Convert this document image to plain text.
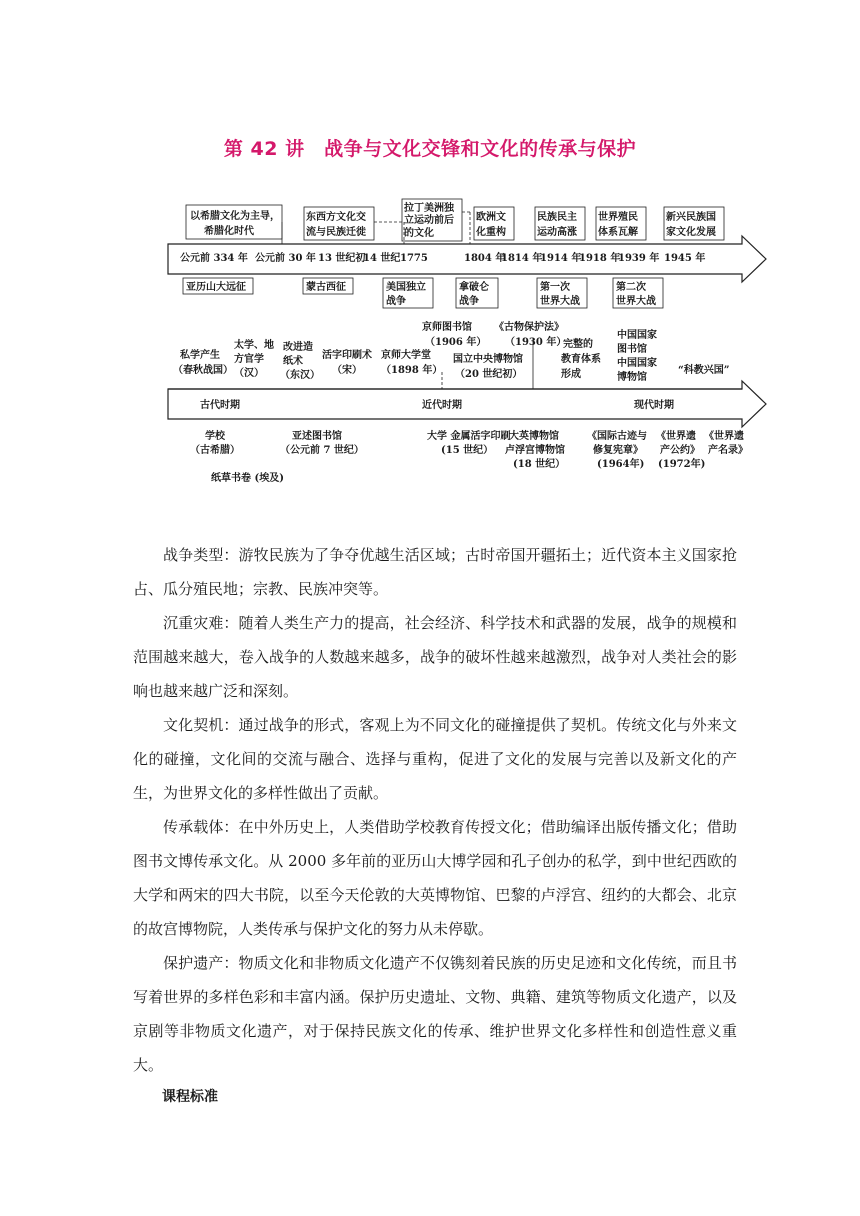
第 42 讲　战争与文化交锋和文化的传承与保护
公元前 334 年 公元前 30 年 13 世纪初
14 世纪 1775	1804 年
1814 年
1914 年
1918 年
1939 年 1945 年
以希腊文化为主导，
希腊化时代
东西方文化交
流与民族迁徙
拉丁美洲独
立运动前后
的文化
欧洲文
化重构
民族民主
运动高涨
世界殖民
体系瓦解
新兴民族国
家文化发展
亚历山大远征	蒙古西征	美国独立
战争
拿破仑
战争
第一次
世界大战
第二次
世界大战
古代时期	近代时期	现代时期
私学产生
（春秋战国）
太学、地
方官学
（汉）
改进造
纸术
（东汉）
活字印刷术
（宋）
京师大学堂
（1898 年）
京师图书馆
（1906 年）
国立中央博物馆
（20 世纪初）
《古物保护法》
（1930 年）
完整的
教育体系
形成
中国国家
图书馆
中国国家
博物馆
“科教兴国”
学校
（古希腊）
纸草书卷 (埃及)
亚述图书馆
（公元前 7 世纪）
大学 金属活字印刷
(15 世纪）
大英博物馆
卢浮宫博物馆
(18 世纪）
《国际古迹与
修复宪章》
(1964年)
《世界遗
产公约》
(1972年)
《世界遗
产名录》

战争类型：游牧民族为了争夺优越生活区域；古时帝国开疆拓土；近代资本主义国家抢占、瓜分殖民地；宗教、民族冲突等。

沉重灾难：随着人类生产力的提高，社会经济、科学技术和武器的发展，战争的规模和范围越来越大，卷入战争的人数越来越多，战争的破坏性越来越激烈，战争对人类社会的影响也越来越广泛和深刻。

文化契机：通过战争的形式，客观上为不同文化的碰撞提供了契机。传统文化与外来文化的碰撞，文化间的交流与融合、选择与重构，促进了文化的发展与完善以及新文化的产生，为世界文化的多样性做出了贡献。

传承载体：在中外历史上，人类借助学校教育传授文化；借助编译出版传播文化；借助图书文博传承文化。从 2000 多年前的亚历山大博学园和孔子创办的私学，到中世纪西欧的大学和两宋的四大书院，以至今天伦敦的大英博物馆、巴黎的卢浮宫、纽约的大都会、北京的故宫博物院，人类传承与保护文化的努力从未停歇。

保护遗产：物质文化和非物质文化遗产不仅镌刻着民族的历史足迹和文化传统，而且书写着世界的多样色彩和丰富内涵。保护历史遗址、文物、典籍、建筑等物质文化遗产，以及京剧等非物质文化遗产，对于保持民族文化的传承、维护世界文化多样性和创造性意义重大。

课程标准
